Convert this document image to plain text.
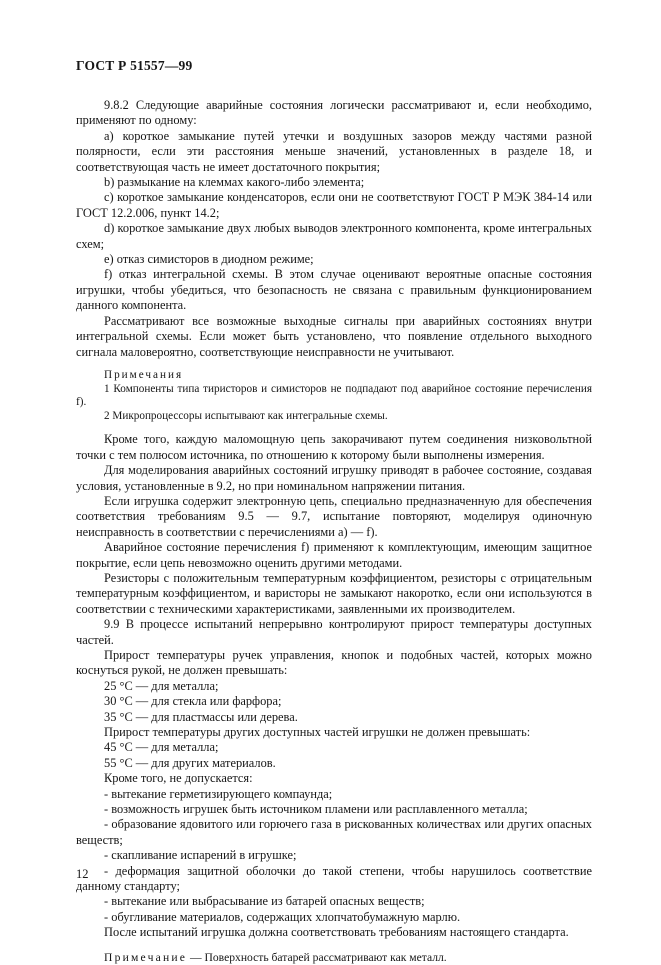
ГОСТ Р 51557—99

9.8.2 Следующие аварийные состояния логически рассматривают и, если необходимо, применяют по одному:

а) короткое замыкание путей утечки и воздушных зазоров между частями разной полярности, если эти расстояния меньше значений, установленных в разделе 18, и соответствующая часть не имеет достаточного покрытия;

b) размыкание на клеммах какого-либо элемента;

c) короткое замыкание конденсаторов, если они не соответствуют ГОСТ Р МЭК 384-14 или ГОСТ 12.2.006, пункт 14.2;

d) короткое замыкание двух любых выводов электронного компонента, кроме интегральных схем;

e) отказ симисторов в диодном режиме;

f) отказ интегральной схемы. В этом случае оценивают вероятные опасные состояния игрушки, чтобы убедиться, что безопасность не связана с правильным функционированием данного компонента.

Рассматривают все возможные выходные сигналы при аварийных состояниях внутри интегральной схемы. Если может быть установлено, что появление отдельного выходного сигнала маловероятно, соответствующие неисправности не учитывают.

Примечания

1 Компоненты типа тиристоров и симисторов не подпадают под аварийное состояние перечисления f).

2 Микропроцессоры испытывают как интегральные схемы.

Кроме того, каждую маломощную цепь закорачивают путем соединения низковольтной точки с тем полюсом источника, по отношению к которому были выполнены измерения.

Для моделирования аварийных состояний игрушку приводят в рабочее состояние, создавая условия, установленные в 9.2, но при номинальном напряжении питания.

Если игрушка содержит электронную цепь, специально предназначенную для обеспечения соответствия требованиям 9.5 — 9.7, испытание повторяют, моделируя одиночную неисправность в соответствии с перечислениями а) — f).

Аварийное состояние перечисления f) применяют к комплектующим, имеющим защитное покрытие, если цепь невозможно оценить другими методами.

Резисторы с положительным температурным коэффициентом, резисторы с отрицательным температурным коэффициентом, и варисторы не замыкают накоротко, если они используются в соответствии с техническими характеристиками, заявленными их производителем.

9.9 В процессе испытаний непрерывно контролируют прирост температуры доступных частей.

Прирост температуры ручек управления, кнопок и подобных частей, которых можно коснуться рукой, не должен превышать:

25 °С — для металла;

30 °С — для стекла или фарфора;

35 °С — для пластмассы или дерева.

Прирост температуры других доступных частей игрушки не должен превышать:

45 °С — для металла;

55 °С — для других материалов.

Кроме того, не допускается:

- вытекание герметизирующего компаунда;

- возможность игрушек быть источником пламени или расплавленного металла;

- образование ядовитого или горючего газа в рискованных количествах или других опасных веществ;

- скапливание испарений в игрушке;

- деформация защитной оболочки до такой степени, чтобы нарушилось соответствие данному стандарту;

- вытекание или выбрасывание из батарей опасных веществ;

- обугливание материалов, содержащих хлопчатобумажную марлю.

После испытаний игрушка должна соответствовать требованиям настоящего стандарта.

Примечание — Поверхность батарей рассматривают как металл.

12
